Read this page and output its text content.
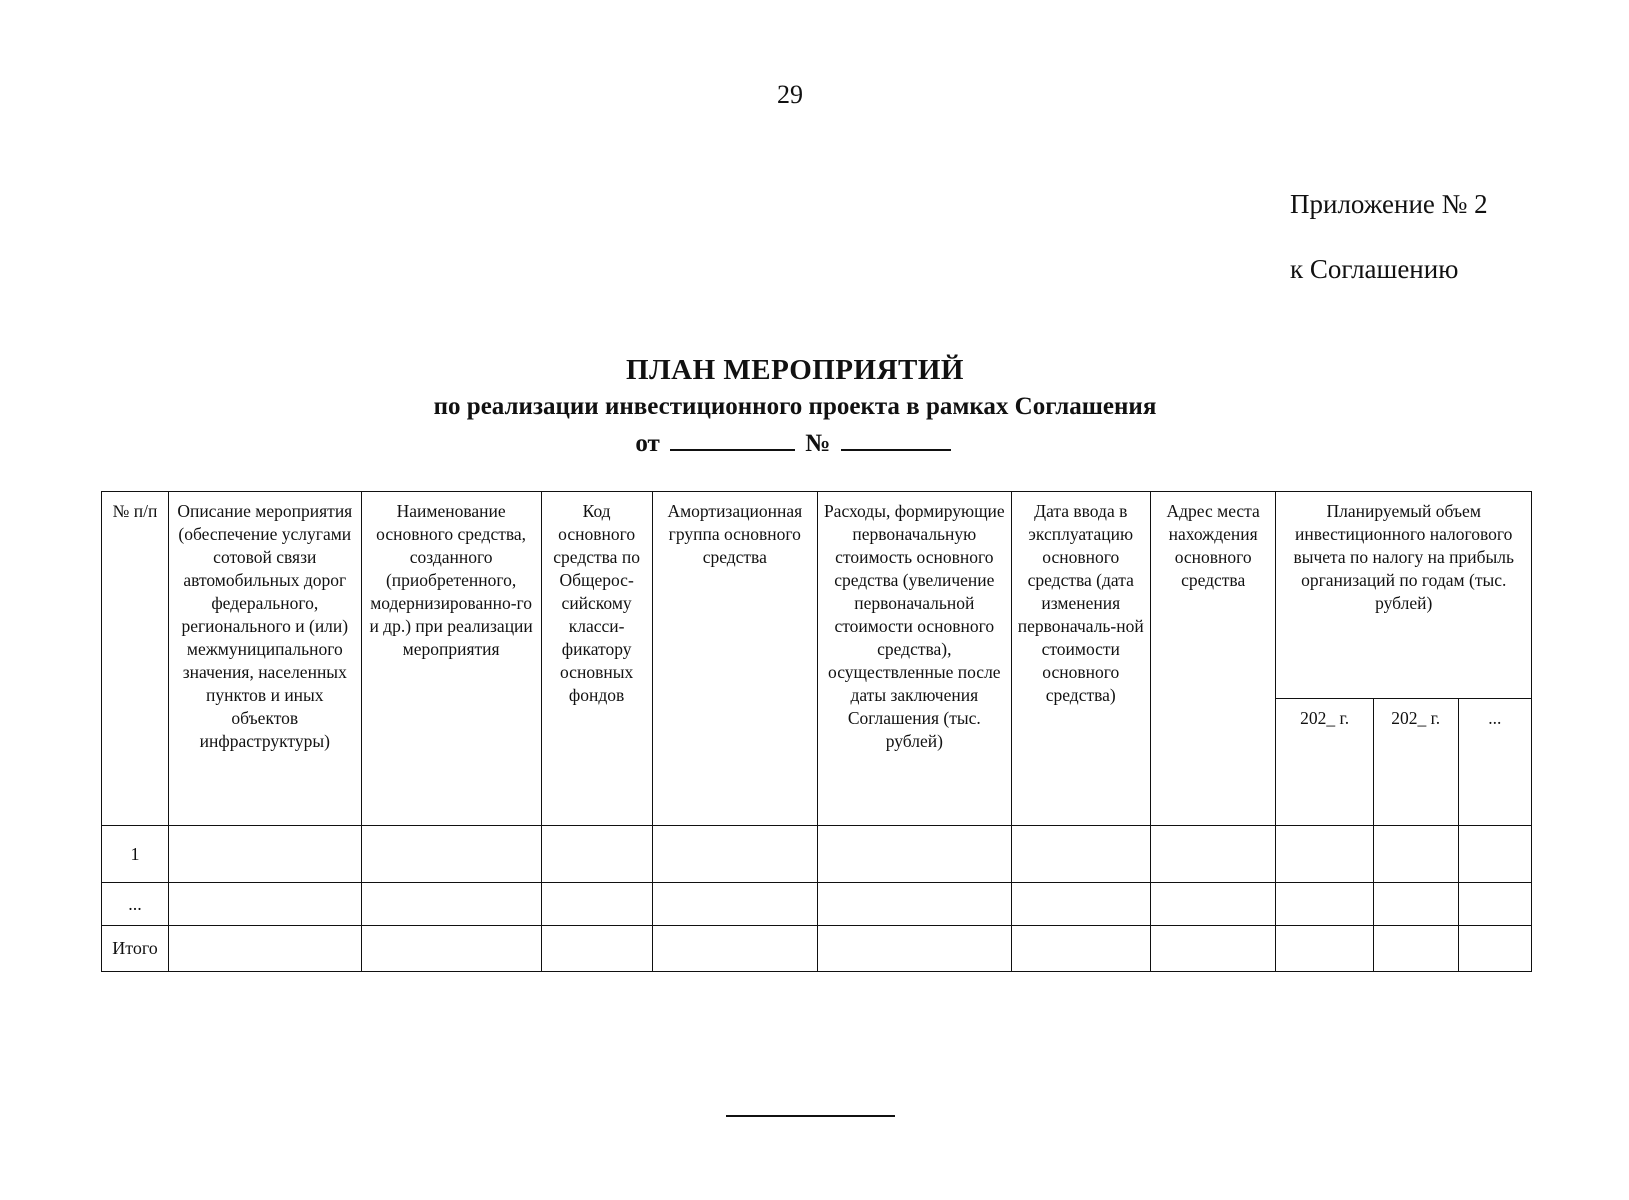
29
Приложение № 2
к Соглашению
ПЛАН МЕРОПРИЯТИЙ
по реализации инвестиционного проекта в рамках Соглашения
от	№
№ п/п	Описание мероприятия (обеспечение услугами сотовой связи автомобильных дорог федерального, регионального и (или) межмуниципального значения, населенных пунктов и иных объектов инфраструктуры)	Наименование основного средства, созданного (приобретенного, модернизированно-го и др.) при реализации мероприятия	Код основного средства по Общерос-сийскому класси-фикатору основных фондов	Амортизационная группа основного средства	Расходы, формирующие первоначальную стоимость основного средства (увеличение первоначальной стоимости основного средства), осуществленные после даты заключения Соглашения (тыс. рублей)	Дата ввода в эксплуатацию основного средства (дата изменения первоначаль-ной стоимости основного средства)	Адрес места нахождения основного средства	Планируемый объем инвестиционного налогового вычета по налогу на прибыль организаций по годам (тыс. рублей)		
								202_ г.	202_ г.	...
1										
...										
Итого										
